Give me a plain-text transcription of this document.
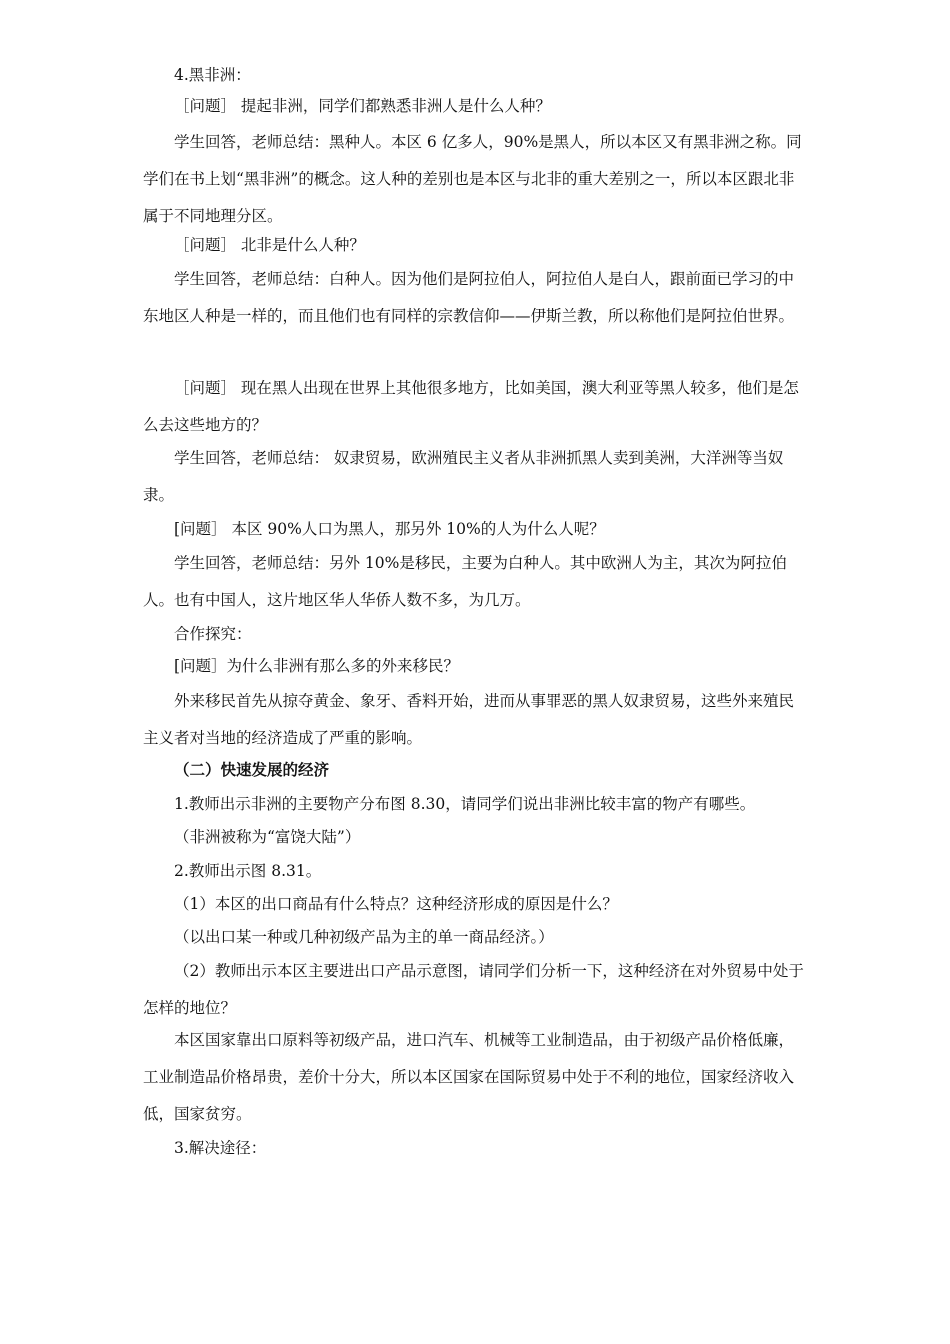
4.黑非洲：

［问题］ 提起非洲，同学们都熟悉非洲人是什么人种？

学生回答，老师总结：黑种人。本区 6 亿多人，90%是黑人，所以本区又有黑非洲之称。同学们在书上划“黑非洲”的概念。这人种的差别也是本区与北非的重大差别之一，所以本区跟北非属于不同地理分区。

［问题］ 北非是什么人种？

学生回答，老师总结：白种人。因为他们是阿拉伯人，阿拉伯人是白人，跟前面已学习的中东地区人种是一样的，而且他们也有同样的宗教信仰——伊斯兰教，所以称他们是阿拉伯世界。

［问题］ 现在黑人出现在世界上其他很多地方，比如美国，澳大利亚等黑人较多，他们是怎么去这些地方的？

学生回答，老师总结： 奴隶贸易，欧洲殖民主义者从非洲抓黑人卖到美洲，大洋洲等当奴隶。

[问题］ 本区 90%人口为黑人，那另外 10%的人为什么人呢？

学生回答，老师总结：另外 10%是移民，主要为白种人。其中欧洲人为主，其次为阿拉伯人。也有中国人，这片地区华人华侨人数不多，为几万。

合作探究：

[问题］为什么非洲有那么多的外来移民？

外来移民首先从掠夺黄金、象牙、香料开始，进而从事罪恶的黑人奴隶贸易，这些外来殖民主义者对当地的经济造成了严重的影响。

（二）快速发展的经济

1.教师出示非洲的主要物产分布图 8.30，请同学们说出非洲比较丰富的物产有哪些。

（非洲被称为“富饶大陆”）

2.教师出示图 8.31。

（1）本区的出口商品有什么特点？这种经济形成的原因是什么？

（以出口某一种或几种初级产品为主的单一商品经济。）

（2）教师出示本区主要进出口产品示意图，请同学们分析一下，这种经济在对外贸易中处于怎样的地位？

本区国家靠出口原料等初级产品，进口汽车、机械等工业制造品，由于初级产品价格低廉，工业制造品价格昂贵，差价十分大，所以本区国家在国际贸易中处于不利的地位，国家经济收入低，国家贫穷。

3.解决途径：
